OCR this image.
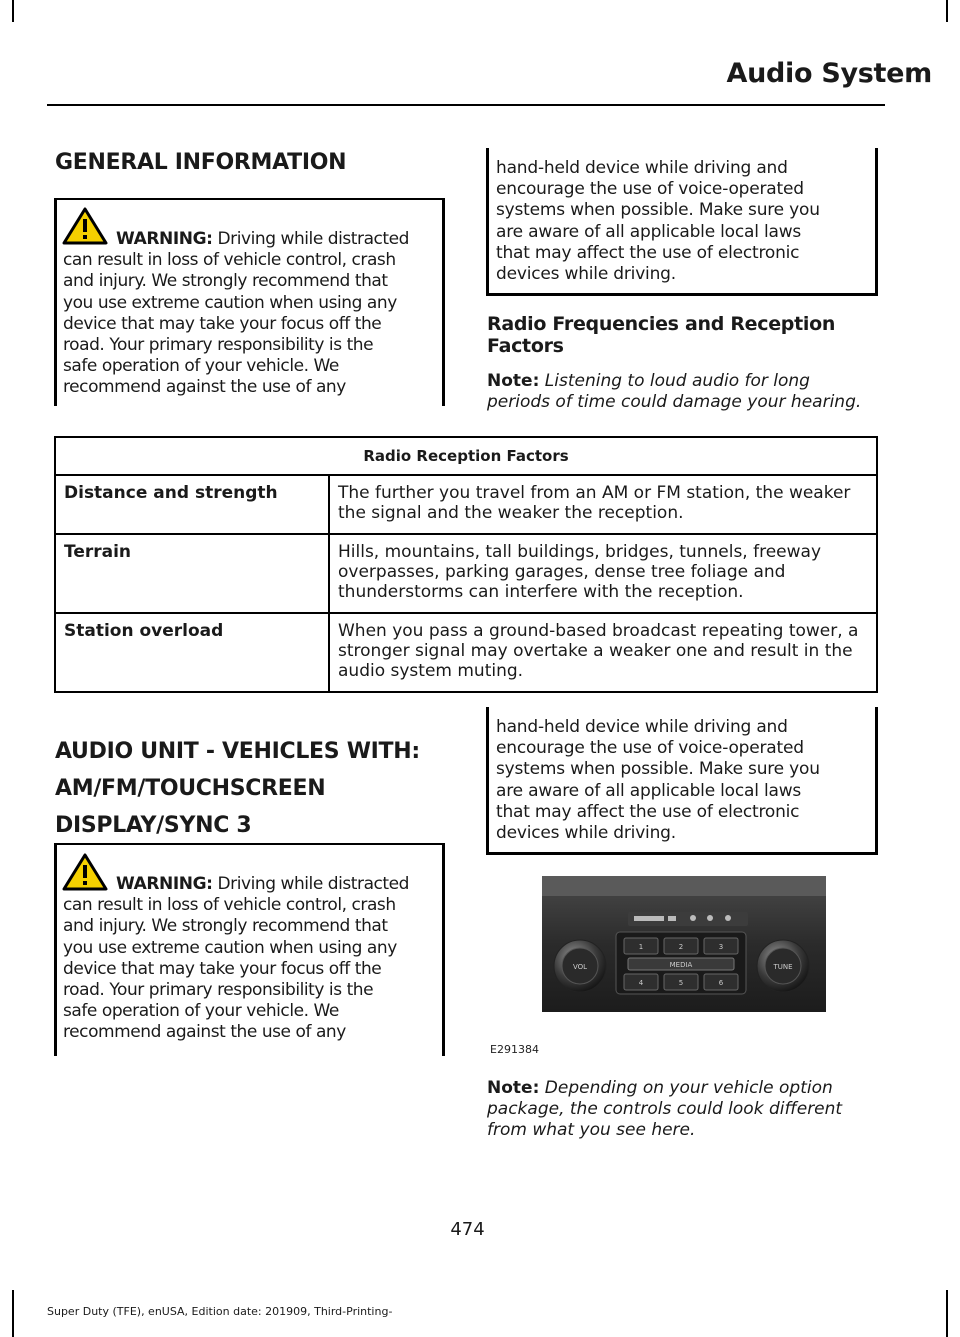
Audio System
GENERAL INFORMATION
WARNING: Driving while distracted
can result in loss of vehicle control, crash
and injury. We strongly recommend that
you use extreme caution when using any
device that may take your focus off the
road. Your primary responsibility is the
safe operation of your vehicle. We
recommend against the use of any
hand-held device while driving and
encourage the use of voice-operated
systems when possible. Make sure you
are aware of all applicable local laws
that may affect the use of electronic
devices while driving.
Radio Frequencies and Reception
Factors
Note: Listening to loud audio for long
periods of time could damage your hearing.
Radio Reception Factors	
Distance and strength	The further you travel from an AM or FM station, the weaker the signal and the weaker the reception.
Terrain	Hills, mountains, tall buildings, bridges, tunnels, freeway overpasses, parking garages, dense tree foliage and thunderstorms can interfere with the reception.
Station overload	When you pass a ground-based broadcast repeating tower, a stronger signal may overtake a weaker one and result in the audio system muting.
AUDIO UNIT - VEHICLES WITH:
AM/FM/TOUCHSCREEN
DISPLAY/SYNC 3
WARNING: Driving while distracted
can result in loss of vehicle control, crash
and injury. We strongly recommend that
you use extreme caution when using any
device that may take your focus off the
road. Your primary responsibility is the
safe operation of your vehicle. We
recommend against the use of any
hand-held device while driving and
encourage the use of voice-operated
systems when possible. Make sure you
are aware of all applicable local laws
that may affect the use of electronic
devices while driving.
1	2	3
4	5	6
MEDIA
VOL	TUNE
E291384
Note: Depending on your vehicle option
package, the controls could look different
from what you see here.
474
Super Duty (TFE), enUSA, Edition date: 201909, Third-Printing-
